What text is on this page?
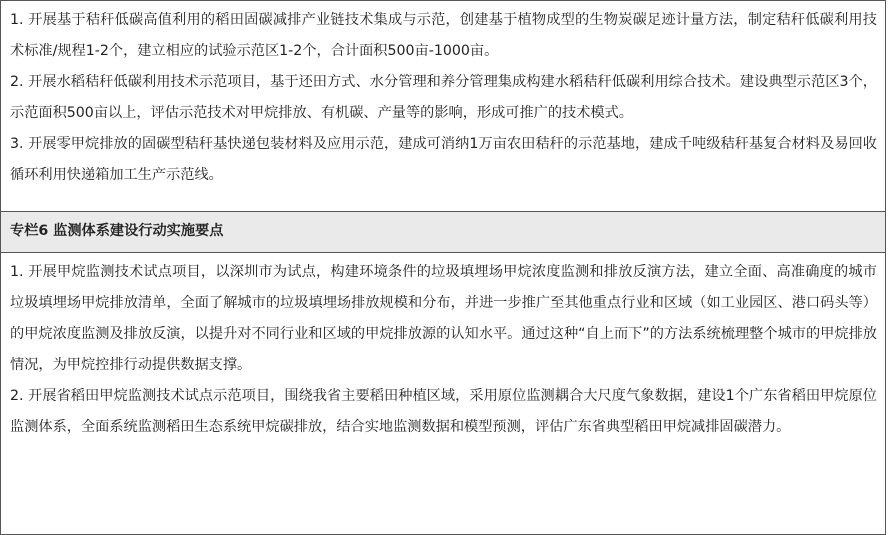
1. 开展基于秸秆低碳高值利用的稻田固碳减排产业链技术集成与示范，创建基于植物成型的生物炭碳足迹计量方法，制定秸秆低碳利用技术标准/规程1-2个，建立相应的试验示范区1-2个，合计面积500亩-1000亩。

2. 开展水稻秸秆低碳利用技术示范项目，基于还田方式、水分管理和养分管理集成构建水稻秸秆低碳利用综合技术。建设典型示范区3个，示范面积500亩以上，评估示范技术对甲烷排放、有机碳、产量等的影响，形成可推广的技术模式。

3. 开展零甲烷排放的固碳型秸秆基快递包装材料及应用示范，建成可消纳1万亩农田秸秆的示范基地，建成千吨级秸秆基复合材料及易回收循环利用快递箱加工生产示范线。

专栏6 监测体系建设行动实施要点

1. 开展甲烷监测技术试点项目，以深圳市为试点，构建环境条件的垃圾填埋场甲烷浓度监测和排放反演方法，建立全面、高准确度的城市垃圾填埋场甲烷排放清单，全面了解城市的垃圾填埋场排放规模和分布，并进一步推广至其他重点行业和区域（如工业园区、港口码头等）的甲烷浓度监测及排放反演，以提升对不同行业和区域的甲烷排放源的认知水平。通过这种“自上而下”的方法系统梳理整个城市的甲烷排放情况，为甲烷控排行动提供数据支撑。

2. 开展省稻田甲烷监测技术试点示范项目，围绕我省主要稻田种植区域，采用原位监测耦合大尺度气象数据，建设1个广东省稻田甲烷原位监测体系，全面系统监测稻田生态系统甲烷碳排放，结合实地监测数据和模型预测，评估广东省典型稻田甲烷减排固碳潜力。
